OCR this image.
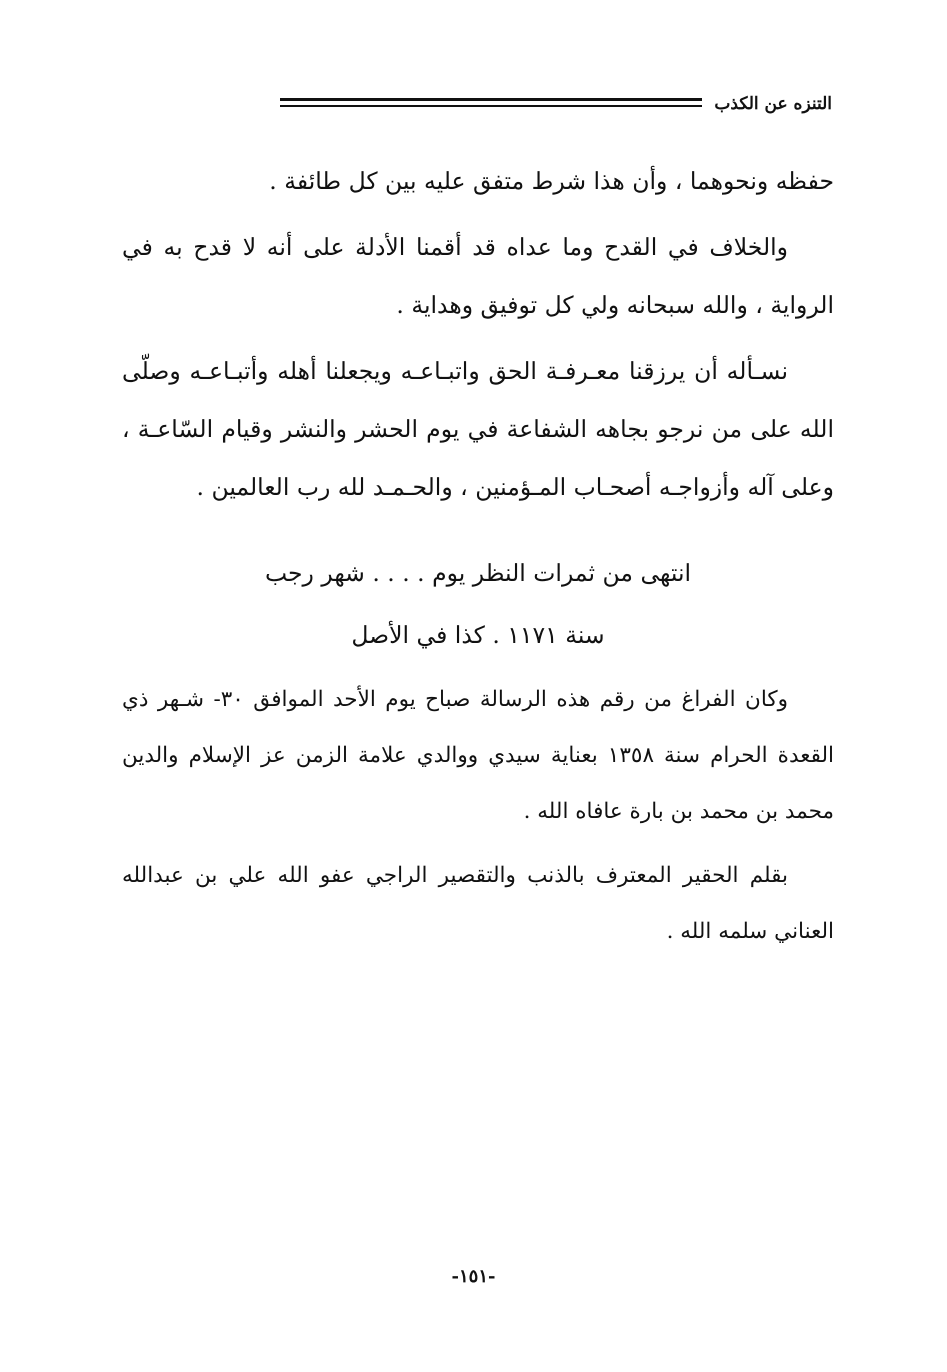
التنزه عن الكذب

حفظه ونحوهما ، وأن هذا شرط متفق عليه بين كل طائفة .

والخلاف في القدح وما عداه قد أقمنا الأدلة على أنه لا قدح به في الرواية ، والله سبحانه ولي كل توفيق وهداية .

نسـأله أن يرزقنا معـرفـة الحق واتبـاعـه ويجعلنا أهله وأتبـاعـه وصلّى الله على من نرجو بجاهه الشفاعة في يوم الحشر والنشر وقيام السّاعـة ، وعلى آله وأزواجـه أصحـاب المـؤمنين ، والحـمـد لله رب العالمين .

انتهى من ثمرات النظر يوم . . . . شهر رجب

سنة ١١٧١ . كذا في الأصل

وكان الفراغ من رقم هذه الرسالة صباح يوم الأحد الموافق ٣٠- شـهر ذي القعدة الحرام سنة ١٣٥٨ بعناية سيدي ووالدي علامة الزمن عز الإسلام والدين محمد بن محمد بن بارة عافاه الله .

بقلم الحقير المعترف بالذنب والتقصير الراجي عفو الله علي بن عبدالله العناني سلمه الله .

-١٥١-
